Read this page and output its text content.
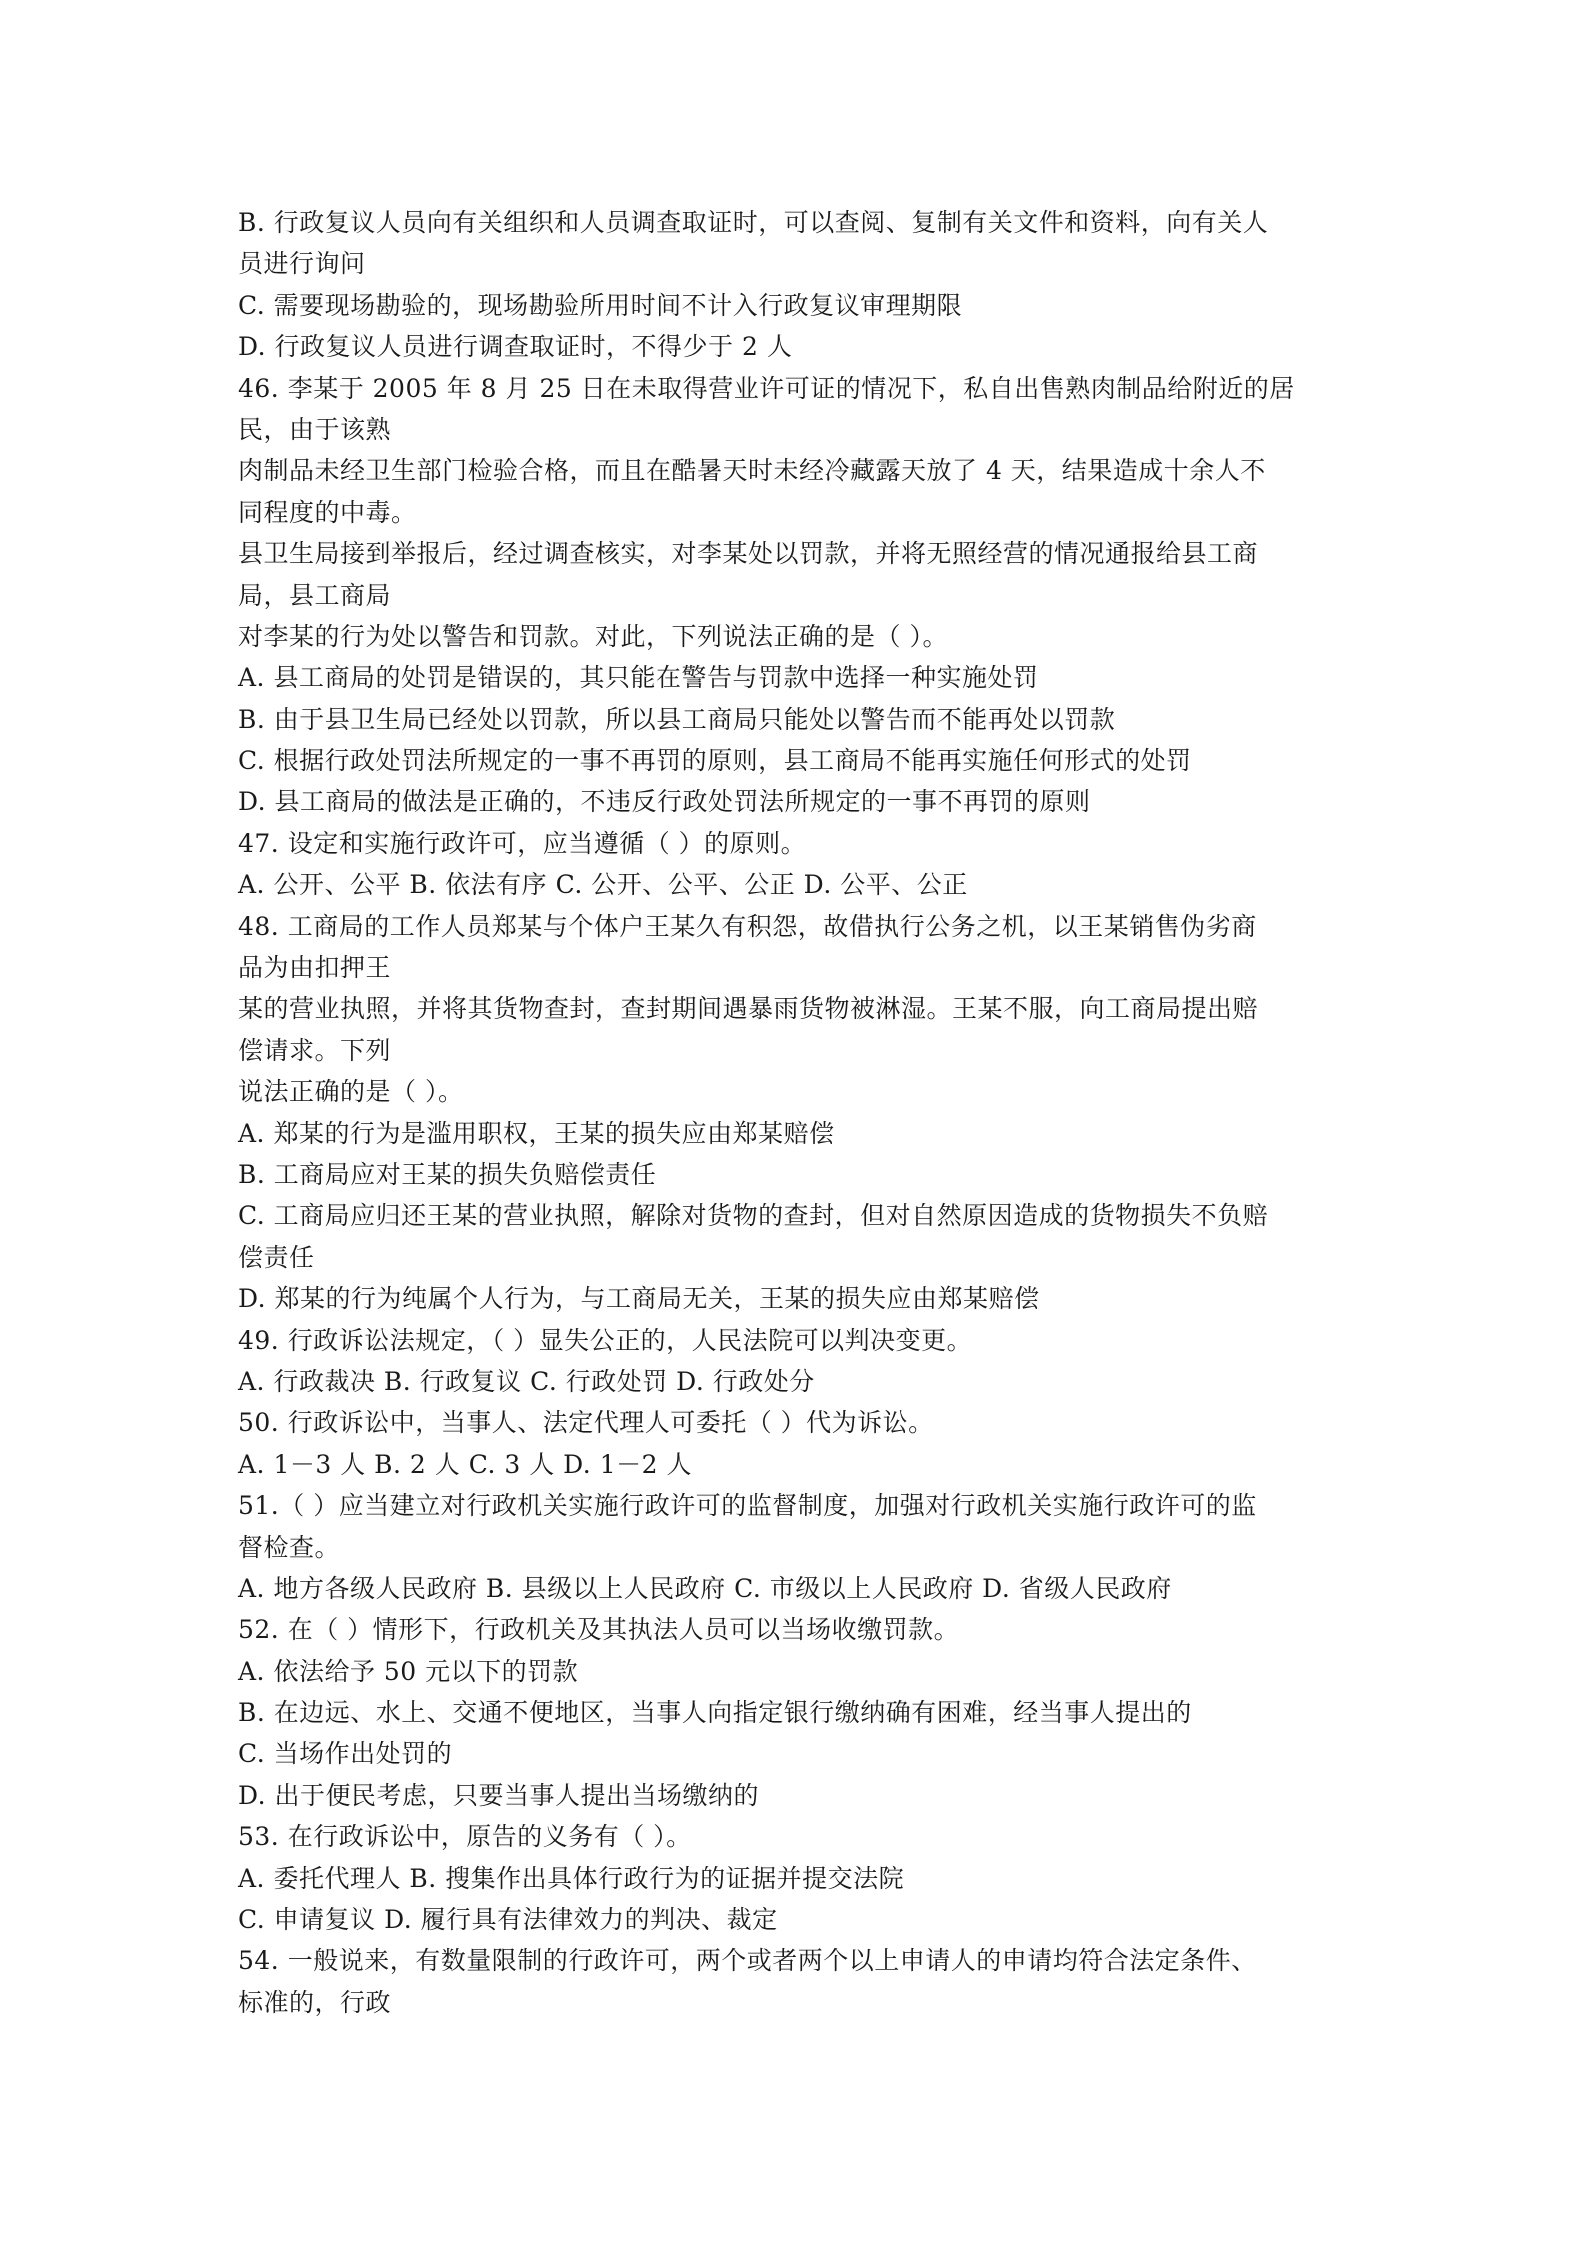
B. 行政复议人员向有关组织和人员调查取证时，可以查阅、复制有关文件和资料，向有关人
员进行询问
C. 需要现场勘验的，现场勘验所用时间不计入行政复议审理期限
D. 行政复议人员进行调查取证时，不得少于 2 人
46. 李某于 2005 年 8 月 25 日在未取得营业许可证的情况下，私自出售熟肉制品给附近的居
民，由于该熟
肉制品未经卫生部门检验合格，而且在酷暑天时未经冷藏露天放了 4 天，结果造成十余人不
同程度的中毒。
县卫生局接到举报后，经过调查核实，对李某处以罚款，并将无照经营的情况通报给县工商
局，县工商局
对李某的行为处以警告和罚款。对此，下列说法正确的是（ ）。
A. 县工商局的处罚是错误的，其只能在警告与罚款中选择一种实施处罚
B. 由于县卫生局已经处以罚款，所以县工商局只能处以警告而不能再处以罚款
C. 根据行政处罚法所规定的一事不再罚的原则，县工商局不能再实施任何形式的处罚
D. 县工商局的做法是正确的，不违反行政处罚法所规定的一事不再罚的原则
47. 设定和实施行政许可，应当遵循（ ）的原则。
A. 公开、公平 B. 依法有序 C. 公开、公平、公正 D. 公平、公正
48. 工商局的工作人员郑某与个体户王某久有积怨，故借执行公务之机，以王某销售伪劣商
品为由扣押王
某的营业执照，并将其货物查封，查封期间遇暴雨货物被淋湿。王某不服，向工商局提出赔
偿请求。下列
说法正确的是（ ）。
A. 郑某的行为是滥用职权，王某的损失应由郑某赔偿
B. 工商局应对王某的损失负赔偿责任
C. 工商局应归还王某的营业执照，解除对货物的查封，但对自然原因造成的货物损失不负赔
偿责任
D. 郑某的行为纯属个人行为，与工商局无关，王某的损失应由郑某赔偿
49. 行政诉讼法规定，（ ）显失公正的，人民法院可以判决变更。
A. 行政裁决 B. 行政复议 C. 行政处罚 D. 行政处分
50. 行政诉讼中，当事人、法定代理人可委托（ ）代为诉讼。
A. 1－3 人 B. 2 人 C. 3 人 D. 1－2 人
51.（ ）应当建立对行政机关实施行政许可的监督制度，加强对行政机关实施行政许可的监
督检查。
A. 地方各级人民政府 B. 县级以上人民政府 C. 市级以上人民政府 D. 省级人民政府
52. 在（ ）情形下，行政机关及其执法人员可以当场收缴罚款。
A. 依法给予 50 元以下的罚款
B. 在边远、水上、交通不便地区，当事人向指定银行缴纳确有困难，经当事人提出的
C. 当场作出处罚的
D. 出于便民考虑，只要当事人提出当场缴纳的
53. 在行政诉讼中，原告的义务有（ ）。
A. 委托代理人 B. 搜集作出具体行政行为的证据并提交法院
C. 申请复议 D. 履行具有法律效力的判决、裁定
54. 一般说来，有数量限制的行政许可，两个或者两个以上申请人的申请均符合法定条件、
标准的，行政
